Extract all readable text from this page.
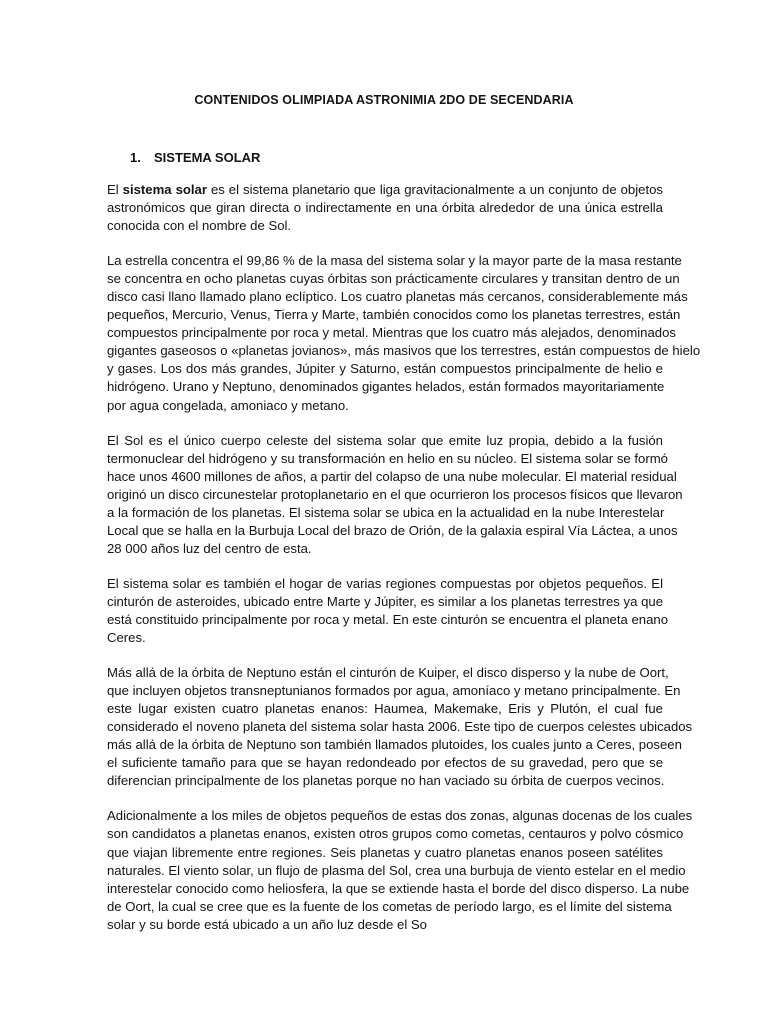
CONTENIDOS OLIMPIADA ASTRONIMIA 2DO DE SECENDARIA
1. SISTEMA SOLAR
El sistema solar es el sistema planetario que liga gravitacionalmente a un conjunto de objetos
astronómicos que giran directa o indirectamente en una órbita alrededor de una única estrella
conocida con el nombre de Sol.
La estrella concentra el 99,86 % de la masa del sistema solar y la mayor parte de la masa restante
se concentra en ocho planetas cuyas órbitas son prácticamente circulares y transitan dentro de un
disco casi llano llamado plano eclíptico. Los cuatro planetas más cercanos, considerablemente más
pequeños, Mercurio, Venus, Tierra y Marte, también conocidos como los planetas terrestres, están
compuestos principalmente por roca y metal. Mientras que los cuatro más alejados, denominados
gigantes gaseosos o «planetas jovianos», más masivos que los terrestres, están compuestos de hielo
y gases. Los dos más grandes, Júpiter y Saturno, están compuestos principalmente de helio e
hidrógeno. Urano y Neptuno, denominados gigantes helados, están formados mayoritariamente
por agua congelada, amoniaco y metano.
El Sol es el único cuerpo celeste del sistema solar que emite luz propia, debido a la fusión
termonuclear del hidrógeno y su transformación en helio en su núcleo. El sistema solar se formó
hace unos 4600 millones de años, a partir del colapso de una nube molecular. El material residual
originó un disco circunestelar protoplanetario en el que ocurrieron los procesos físicos que llevaron
a la formación de los planetas. El sistema solar se ubica en la actualidad en la nube Interestelar
Local que se halla en la Burbuja Local del brazo de Orión, de la galaxia espiral Vía Láctea, a unos
28 000 años luz del centro de esta.
El sistema solar es también el hogar de varias regiones compuestas por objetos pequeños. El
cinturón de asteroides, ubicado entre Marte y Júpiter, es similar a los planetas terrestres ya que
está constituido principalmente por roca y metal. En este cinturón se encuentra el planeta enano
Ceres.
Más allá de la órbita de Neptuno están el cinturón de Kuiper, el disco disperso y la nube de Oort,
que incluyen objetos transneptunianos formados por agua, amoníaco y metano principalmente. En
este lugar existen cuatro planetas enanos: Haumea, Makemake, Eris y Plutón, el cual fue
considerado el noveno planeta del sistema solar hasta 2006. Este tipo de cuerpos celestes ubicados
más allá de la órbita de Neptuno son también llamados plutoides, los cuales junto a Ceres, poseen
el suficiente tamaño para que se hayan redondeado por efectos de su gravedad, pero que se
diferencian principalmente de los planetas porque no han vaciado su órbita de cuerpos vecinos.
Adicionalmente a los miles de objetos pequeños de estas dos zonas, algunas docenas de los cuales
son candidatos a planetas enanos, existen otros grupos como cometas, centauros y polvo cósmico
que viajan libremente entre regiones. Seis planetas y cuatro planetas enanos poseen satélites
naturales. El viento solar, un flujo de plasma del Sol, crea una burbuja de viento estelar en el medio
interestelar conocido como heliosfera, la que se extiende hasta el borde del disco disperso. La nube
de Oort, la cual se cree que es la fuente de los cometas de período largo, es el límite del sistema
solar y su borde está ubicado a un año luz desde el So
